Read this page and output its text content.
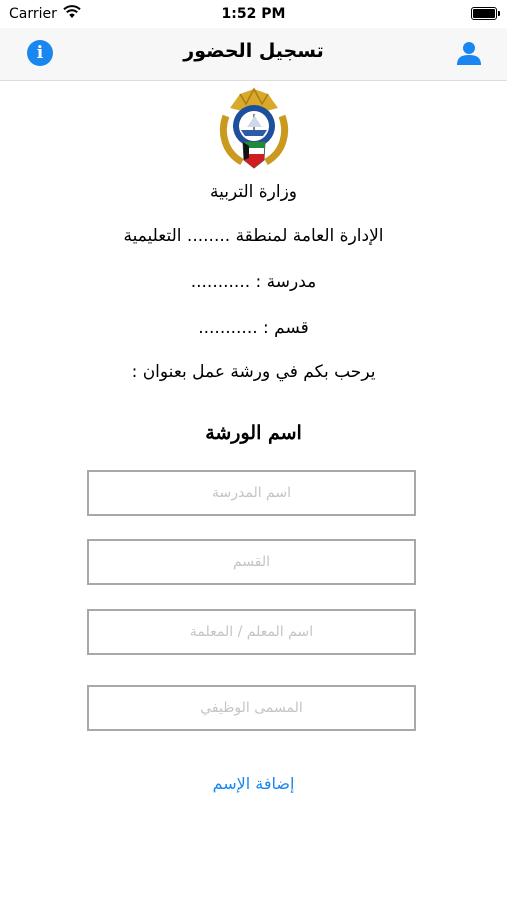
Carrier	1:52 PM
i	تسجيل الحضور
وزارة التربية
الإدارة العامة لمنطقة ........ التعليمية
مدرسة : ...........
قسم : ...........
يرحب بكم في ورشة عمل بعنوان :
اسم الورشة
اسم المدرسة
القسم
اسم المعلم / المعلمة
المسمى الوظيفي
إضافة الإسم
